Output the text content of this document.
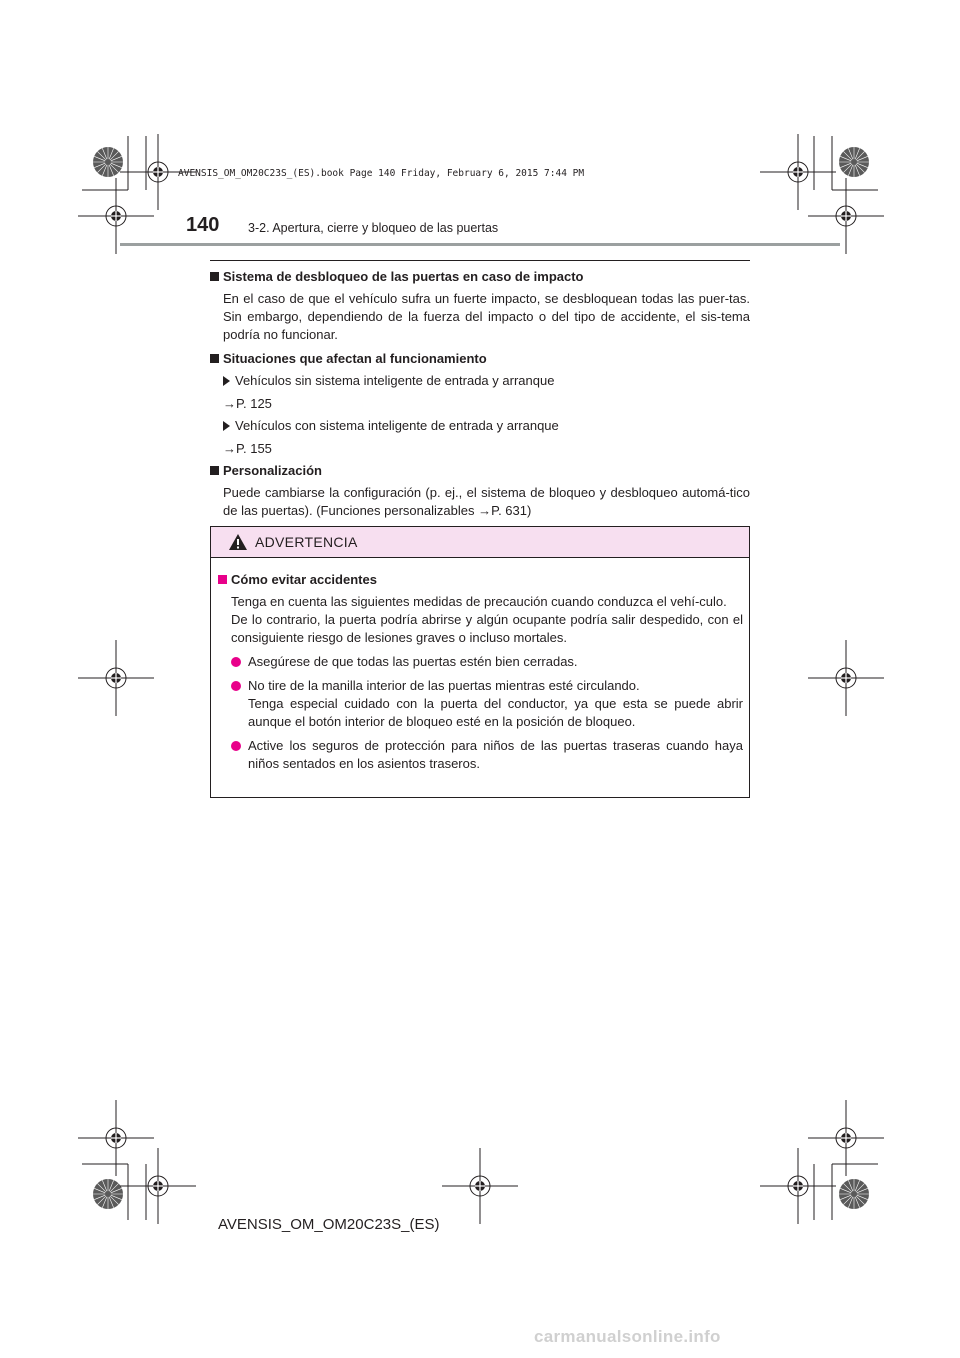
AVENSIS_OM_OM20C23S_(ES).book Page 140 Friday, February 6, 2015 7:44 PM
140 3-2. Apertura, cierre y bloqueo de las puertas
Sistema de desbloqueo de las puertas en caso de impacto
En el caso de que el vehículo sufra un fuerte impacto, se desbloquean todas las puer-tas. Sin embargo, dependiendo de la fuerza del impacto o del tipo de accidente, el sis-tema podría no funcionar.
Situaciones que afectan al funcionamiento
Vehículos sin sistema inteligente de entrada y arranque
→P. 125
Vehículos con sistema inteligente de entrada y arranque
→P. 155
Personalización
Puede cambiarse la configuración (p. ej., el sistema de bloqueo y desbloqueo automá-tico de las puertas). (Funciones personalizables →P. 631)
ADVERTENCIA
Cómo evitar accidentes
Tenga en cuenta las siguientes medidas de precaución cuando conduzca el vehí-culo.
De lo contrario, la puerta podría abrirse y algún ocupante podría salir despedido, con el consiguiente riesgo de lesiones graves o incluso mortales.
Asegúrese de que todas las puertas estén bien cerradas.
No tire de la manilla interior de las puertas mientras esté circulando.
Tenga especial cuidado con la puerta del conductor, ya que esta se puede abrir aunque el botón interior de bloqueo esté en la posición de bloqueo.
Active los seguros de protección para niños de las puertas traseras cuando haya niños sentados en los asientos traseros.
AVENSIS_OM_OM20C23S_(ES)
carmanualsonline.info
